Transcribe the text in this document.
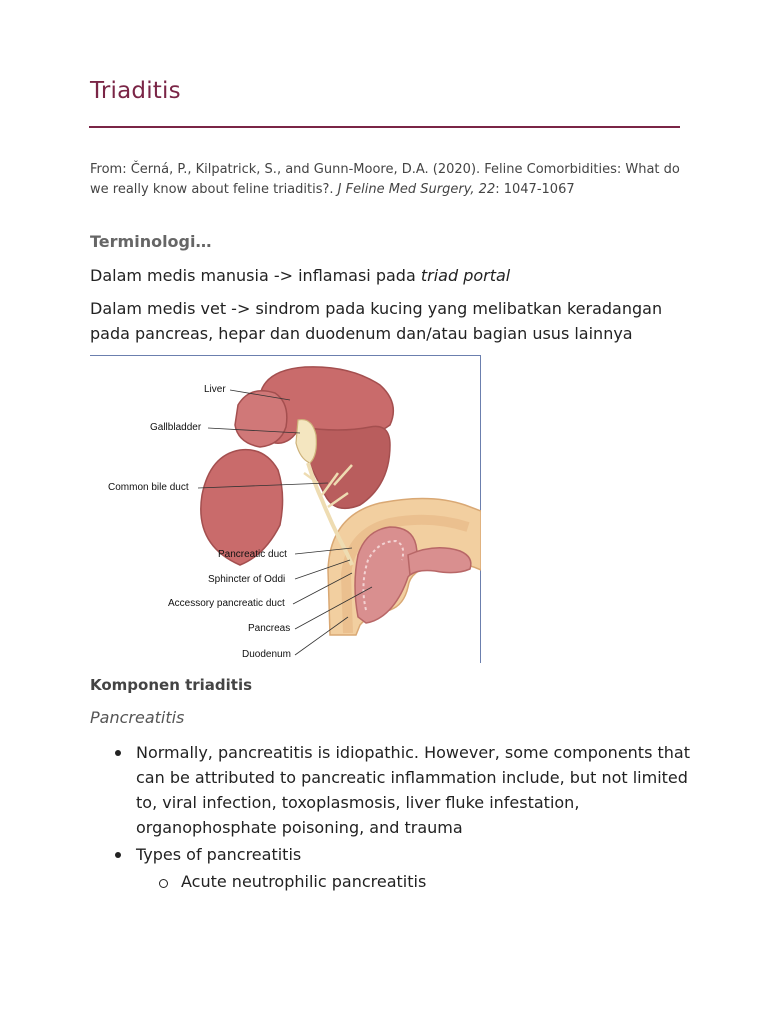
Triaditis
From: Černá, P., Kilpatrick, S., and Gunn-Moore, D.A. (2020). Feline Comorbidities: What do we really know about feline triaditis?. J Feline Med Surgery, 22: 1047-1067
Terminologi…
Dalam medis manusia -> inflamasi pada triad portal
Dalam medis vet -> sindrom pada kucing yang melibatkan keradangan pada pancreas, hepar dan duodenum dan/atau bagian usus lainnya
Liver
Gallbladder
Common bile duct
Pancreatic duct
Sphincter of Oddi
Accessory pancreatic duct
Pancreas
Duodenum
Komponen triaditis
Pancreatitis
Normally, pancreatitis is idiopathic. However, some components that can be attributed to pancreatic inflammation include, but not limited to, viral infection, toxoplasmosis, liver fluke infestation, organophosphate poisoning, and trauma
Types of pancreatitis
Acute neutrophilic pancreatitis
